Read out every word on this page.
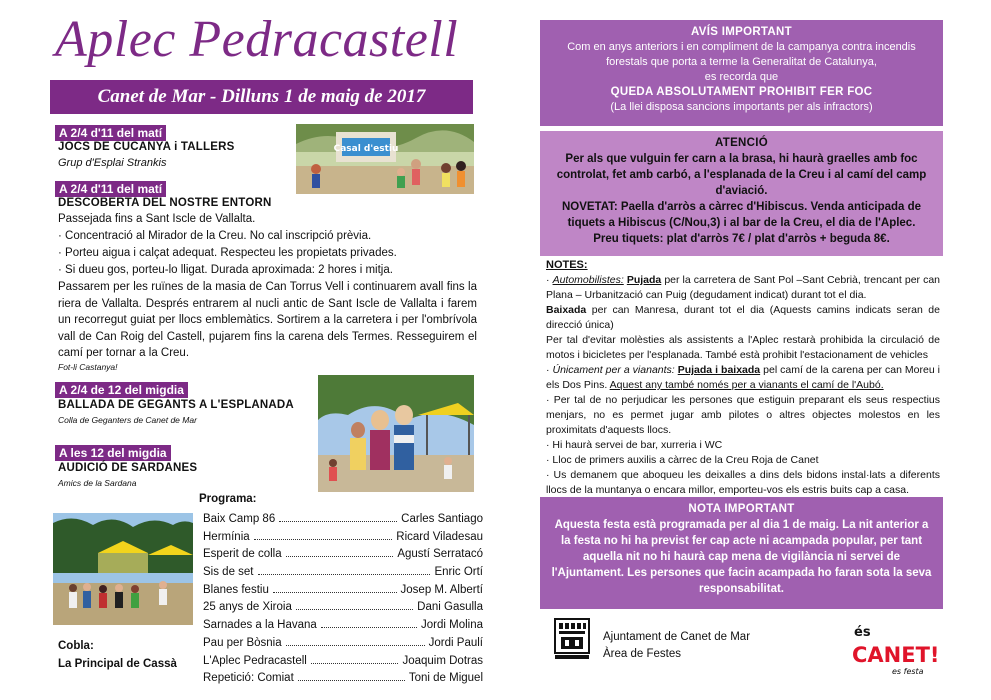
Aplec Pedracastell
Canet de Mar - Dilluns 1 de maig de 2017
A 2/4 d'11 del matí
JOCS DE CUCANYA i TALLERS
Grup d'Esplai Strankis
Casal d'estiu
A 2/4 d'11 del matí
DESCOBERTA DEL NOSTRE ENTORN
Passejada fins a Sant Iscle de Vallalta.
· Concentració al Mirador de la Creu. No cal inscripció prèvia.
· Porteu aigua i calçat adequat. Respecteu les propietats privades.
· Si dueu gos, porteu-lo lligat. Durada aproximada: 2 hores i mitja.
Passarem per les ruïnes de la masia de Can Torrus Vell i continuarem avall fins la riera de Vallalta. Després entrarem al nucli antic de Sant Iscle de Vallalta i farem un recorregut guiat per llocs emblemàtics. Sortirem a la carretera i per l'ombrívola vall de Can Roig del Castell, pujarem fins la carena dels Termes. Resseguirem el camí per tornar a la Creu.
Fot-li Castanya!
A 2/4 de 12 del migdia
BALLADA DE GEGANTS A L'ESPLANADA
Colla de Geganters de Canet de Mar
A les 12 del migdia
AUDICIÓ DE SARDANES
Amics de la Sardana
Programa:
Baix Camp 86	Carles Santiago
Hermínia	Ricard Viladesau
Esperit de colla	Agustí Serratacó
Sis de set	Enric Ortí
Blanes festiu	Josep M. Albertí
25 anys de Xiroia	Dani Gasulla
Sarnades a la Havana	Jordi Molina
Pau per Bòsnia	Jordi Paulí
L'Aplec Pedracastell	Joaquim Dotras
Repetició: Comiat	Toni de Miguel
Cobla:
La Principal de Cassà
AVÍS IMPORTANT
Com en anys anteriors i en compliment de la campanya contra incendis forestals que porta a terme la Generalitat de Catalunya,
es recorda que
QUEDA ABSOLUTAMENT PROHIBIT FER FOC
(La llei disposa sancions importants per als infractors)
ATENCIÓ
Per als que vulguin fer carn a la brasa, hi haurà graelles amb foc controlat, fet amb carbó, a l'esplanada de la Creu i al camí del camp d'aviació.
NOVETAT: Paella d'arròs a càrrec d'Hibiscus. Venda anticipada de tiquets a Hibiscus (C/Nou,3) i al bar de la Creu, el dia de l'Aplec.
Preu tiquets: plat d'arròs 7€ / plat d'arròs + beguda 8€.

NOTES:

· Automobilistes: Pujada per la carretera de Sant Pol –Sant Cebrià, trencant per can Plana – Urbanització can Puig (degudament indicat) durant tot el dia.

Baixada per can Manresa, durant tot el dia (Aquests camins indicats seran de direcció única)

Per tal d'evitar molèsties als assistents a l'Aplec restarà prohibida la circulació de motos i bicicletes per l'esplanada. També està prohibit l'estacionament de vehicles

· Únicament per a vianants: Pujada i baixada pel camí de la carena per can Moreu i els Dos Pins. Aquest any també només per a vianants el camí de l'Aubó.

· Per tal de no perjudicar les persones que estiguin preparant els seus respectius menjars, no es permet jugar amb pilotes o altres objectes molestos en les proximitats d'aquests llocs.

· Hi haurà servei de bar, xurreria i WC

· Lloc de primers auxilis a càrrec de la Creu Roja de Canet

· Us demanem que aboqueu les deixalles a dins dels bidons instal·lats a diferents llocs de la muntanya o encara millor, emporteu-vos els estris buits cap a casa.

NOTA IMPORTANT
Aquesta festa està programada per al dia 1 de maig. La nit anterior a la festa no hi ha previst fer cap acte ni acampada popular, per tant aquella nit no hi haurà cap mena de vigilància ni servei de l'Ajuntament. Les persones que facin acampada ho faran sota la seva responsabilitat.
Ajuntament de Canet de Mar
Àrea de Festes
és
CANET!
es festa
